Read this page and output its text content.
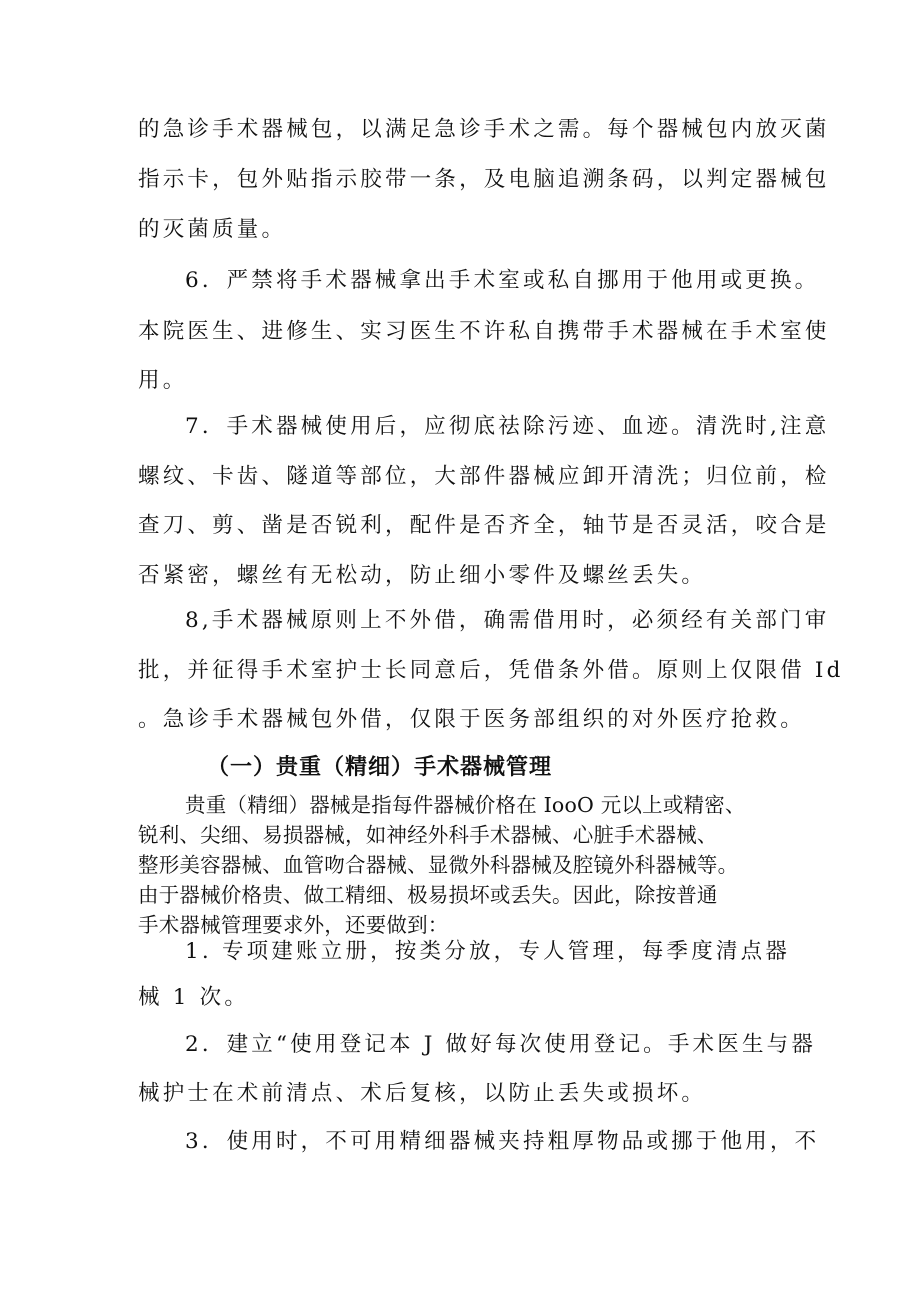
的急诊手术器械包，以满足急诊手术之需。每个器械包内放灭菌
指示卡，包外贴指示胶带一条，及电脑追溯条码，以判定器械包
的灭菌质量。
6．严禁将手术器械拿出手术室或私自挪用于他用或更换。
本院医生、进修生、实习医生不许私自携带手术器械在手术室使
用。
7．手术器械使用后，应彻底祛除污迹、血迹。清洗时,注意
螺纹、卡齿、隧道等部位，大部件器械应卸开清洗；归位前，检
查刀、剪、凿是否锐利，配件是否齐全，轴节是否灵活，咬合是
否紧密，螺丝有无松动，防止细小零件及螺丝丢失。
8,手术器械原则上不外借，确需借用时，必须经有关部门审
批，并征得手术室护士长同意后，凭借条外借。原则上仅限借 Id
。急诊手术器械包外借，仅限于医务部组织的对外医疗抢救。
（一）贵重（精细）手术器械管理
贵重（精细）器械是指每件器械价格在 IooO 元以上或精密、
锐利、尖细、易损器械，如神经外科手术器械、心脏手术器械、
整形美容器械、血管吻合器械、显微外科器械及腔镜外科器械等。
由于器械价格贵、做工精细、极易损坏或丢失。因此，除按普通
手术器械管理要求外，还要做到：
1. 专项建账立册，按类分放，专人管理，每季度清点器
械 1 次。
2．建立“使用登记本 J 做好每次使用登记。手术医生与器
械护士在术前清点、术后复核，以防止丢失或损坏。
3．使用时，不可用精细器械夹持粗厚物品或挪于他用，不
